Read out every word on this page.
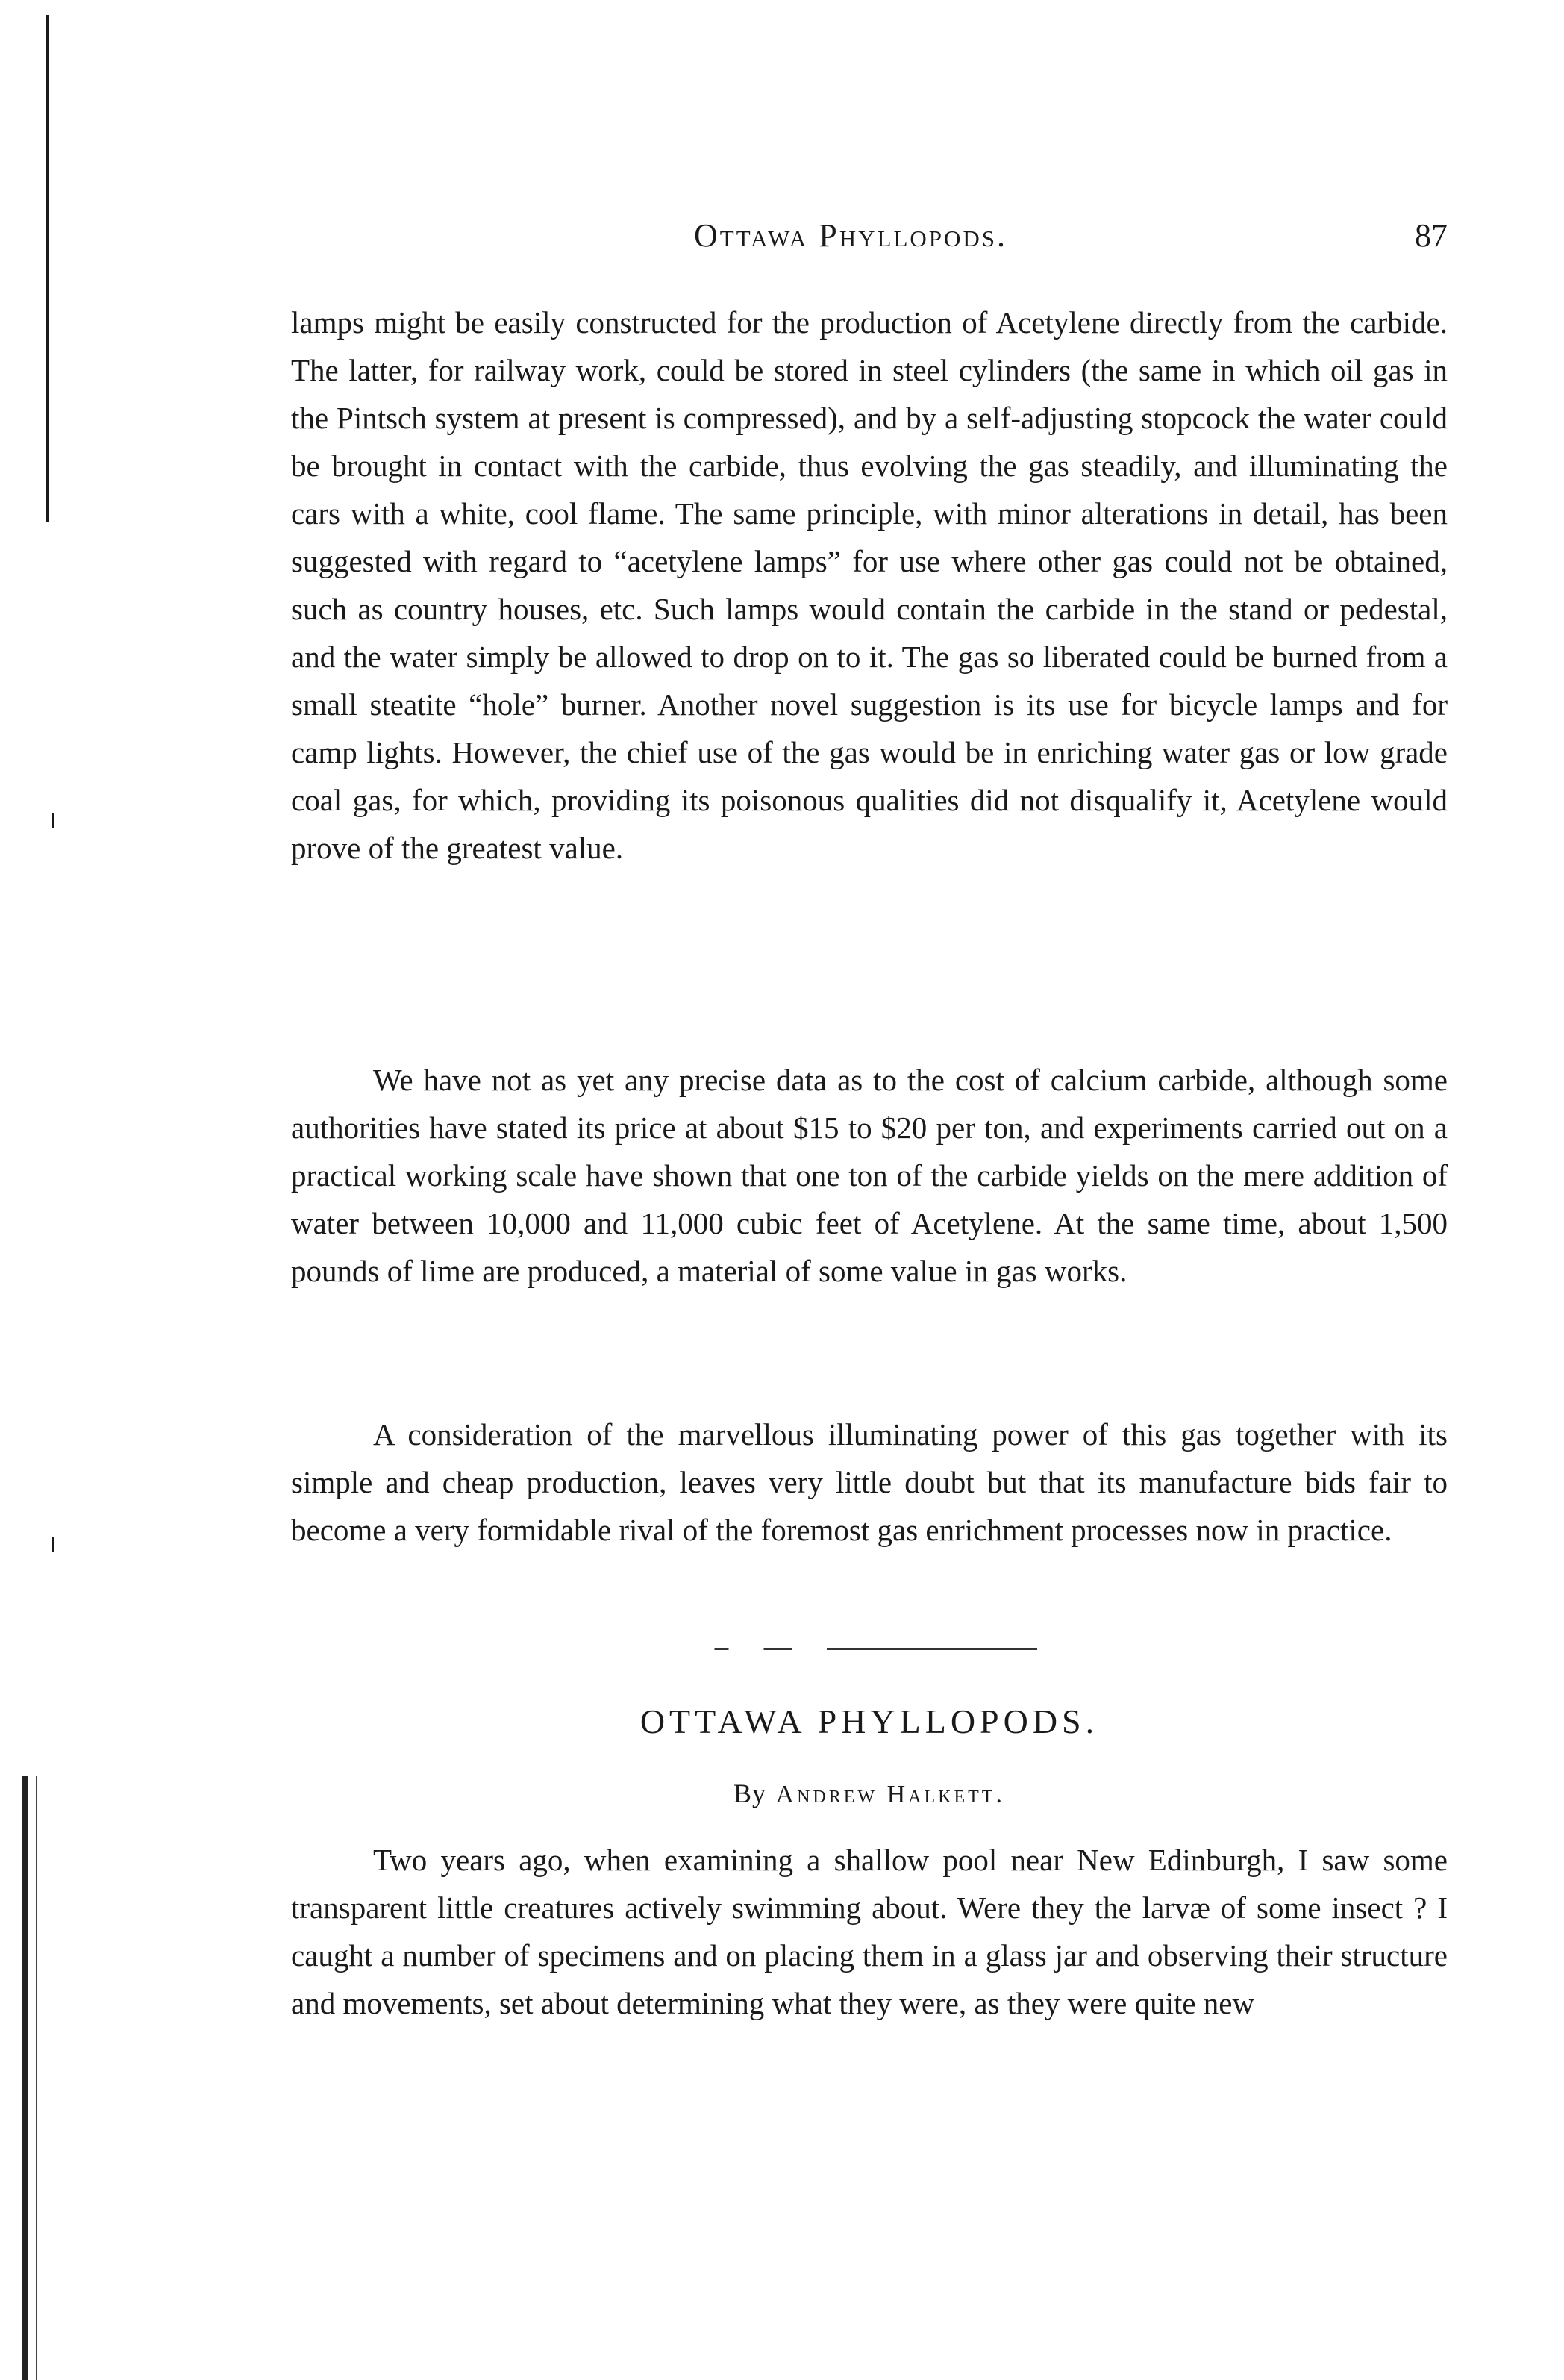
Ottawa Phyllopods.	87

lamps might be easily constructed for the production of Acetylene directly from the carbide. The latter, for railway work, could be stored in steel cylinders (the same in which oil gas in the Pintsch system at present is compressed), and by a self-adjusting stopcock the water could be brought in contact with the carbide, thus evolving the gas steadily, and illuminating the cars with a white, cool flame. The same principle, with minor alterations in detail, has been suggested with regard to “acetylene lamps” for use where other gas could not be obtained, such as country houses, etc. Such lamps would contain the carbide in the stand or pedestal, and the water simply be allowed to drop on to it. The gas so liberated could be burned from a small steatite “hole” burner. Another novel suggestion is its use for bicycle lamps and for camp lights. However, the chief use of the gas would be in enriching water gas or low grade coal gas, for which, providing its poisonous qualities did not disqualify it, Acetylene would prove of the greatest value.

We have not as yet any precise data as to the cost of calcium carbide, although some authorities have stated its price at about $15 to $20 per ton, and experiments carried out on a practical working scale have shown that one ton of the carbide yields on the mere addition of water between 10,000 and 11,000 cubic feet of Acetylene. At the same time, about 1,500 pounds of lime are produced, a material of some value in gas works.

A consideration of the marvellous illuminating power of this gas together with its simple and cheap production, leaves very little doubt but that its manufacture bids fair to become a very formidable rival of the foremost gas enrichment processes now in practice.

OTTAWA PHYLLOPODS.
By Andrew Halkett.

Two years ago, when examining a shallow pool near New Edinburgh, I saw some transparent little creatures actively swimming about. Were they the larvæ of some insect ? I caught a number of specimens and on placing them in a glass jar and observing their structure and movements, set about determining what they were, as they were quite new
